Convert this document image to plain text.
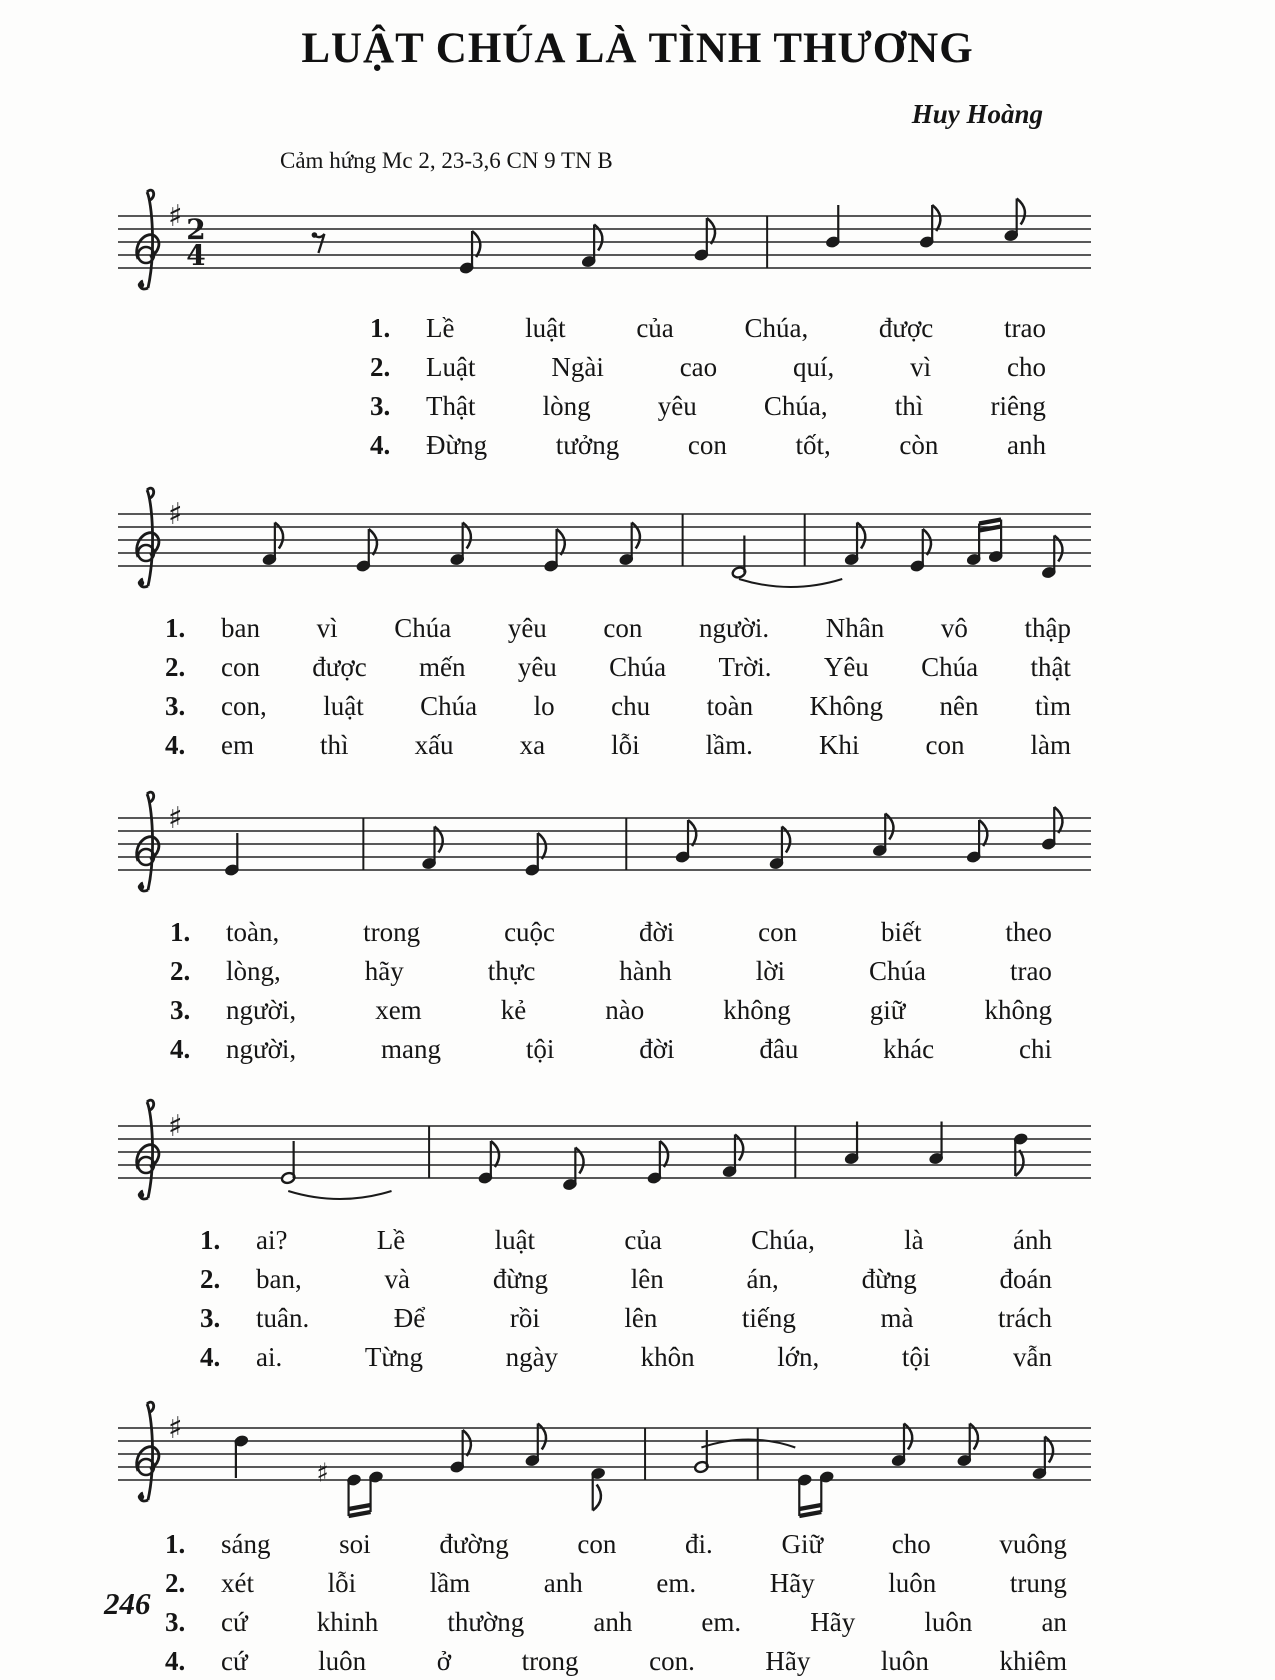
LUẬT CHÚA LÀ TÌNH THƯƠNG
Huy Hoàng
Cảm hứng Mc 2, 23-3,6 CN 9 TN B
♯ 2
4
1.	Lề	luật	của	Chúa,	được	trao
2.	Luật	Ngài	cao	quí,	vì	cho
3.	Thật lòng yêu Chúa, thì riêng
4.	Đừng	tưởng	con	tốt,	còn	anh
♯
1.	ban vì Chúa yêu con người. Nhân vô thập
2.	con được mến yêu Chúa Trời. Yêu Chúa thật
3.	con, luật Chúa lo chu toàn Không nên tìm
4.	em thì xấu xa lỗi lầm. Khi con làm
♯
1.	toàn,	trong	cuộc	đời	con	biết	theo
2.	lòng,	hãy	thực	hành	lời	Chúa	trao
3.	người,	xem	kẻ	nào	không	giữ	không
4.	người,	mang	tội	đời	đâu	khác	chi
♯
1.	ai?	Lề	luật	của	Chúa,	là	ánh
2.	ban,	và	đừng	lên	án,	đừng	đoán
3.	tuân.	Để	rồi	lên	tiếng	mà	trách
4.	ai.	Từng	ngày	khôn	lớn,	tội	vẫn
♯
♯
1.	sáng	soi	đường	con	đi.	Giữ	cho	vuông
2.	xét	lỗi	lầm	anh	em.	Hãy	luôn	trung
3.	cứ	khinh	thường	anh	em.	Hãy	luôn	an
4.	cứ	luôn	ở	trong	con.	Hãy	luôn	khiêm
246
